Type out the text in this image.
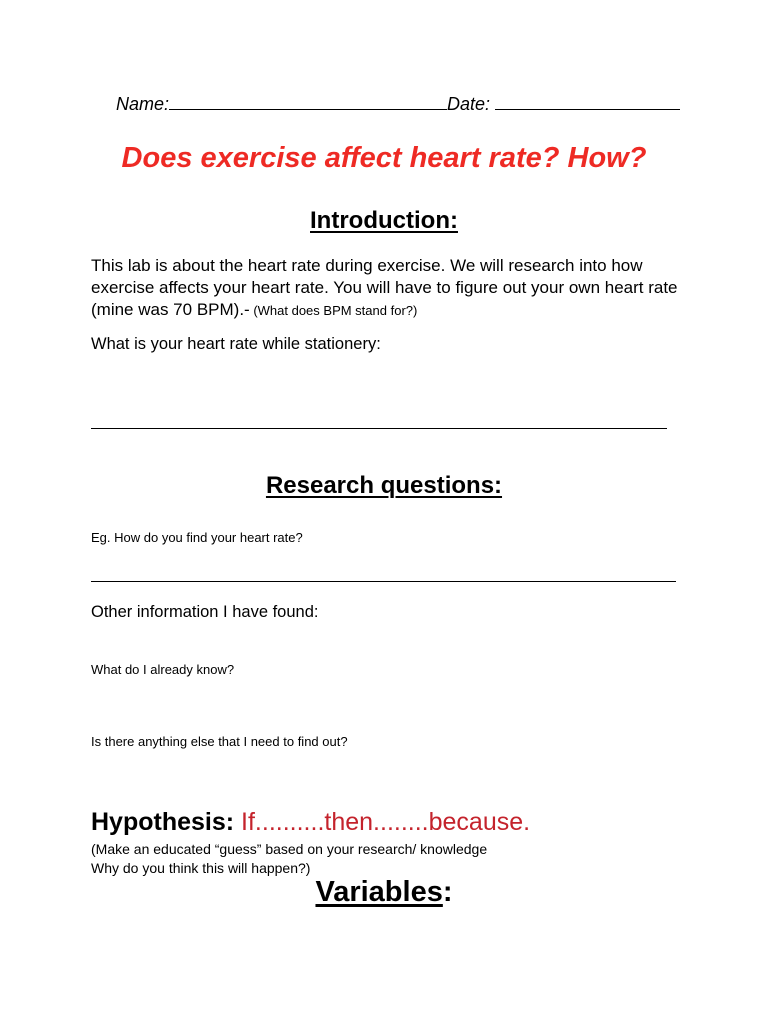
Name:	Date:
Does exercise affect heart rate? How?
Introduction:
This lab is about the heart rate during exercise. We will research into how exercise affects your heart rate. You will have to figure out your own heart rate (mine was 70 BPM).- (What does BPM stand for?)
What is your heart rate while stationery:
Research questions:
Eg. How do you find your heart rate?
Other information I have found:
What do I already know?
Is there anything else that I need to find out?
Hypothesis: If..........then........because.
(Make an educated “guess” based on your research/ knowledge
Why do you think this will happen?)
Variables:
